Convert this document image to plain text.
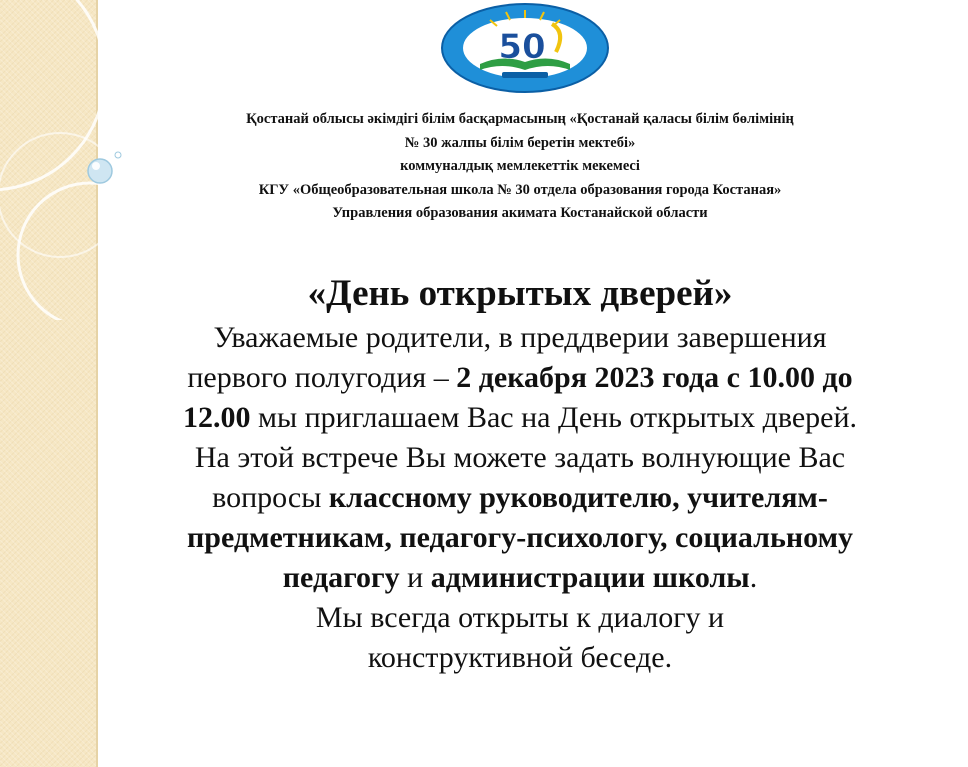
50
Қостанай облысы әкімдігі білім басқармасының «Қостанай қаласы білім бөлімінің
№ 30 жалпы білім беретін мектебі»
коммуналдық мемлекеттік мекемесі
КГУ «Общеобразовательная школа № 30 отдела образования города Костаная»
Управления образования акимата Костанайской области
«День открытых дверей»
Уважаемые родители, в преддверии завершения
первого полугодия – 2 декабря 2023 года с 10.00 до
12.00 мы приглашаем Вас на День открытых дверей.
На этой встрече Вы можете задать волнующие Вас
вопросы классному руководителю, учителям-
предметникам, педагогу-психологу, социальному
педагогу и администрации школы.
Мы всегда открыты к диалогу и
конструктивной беседе.
